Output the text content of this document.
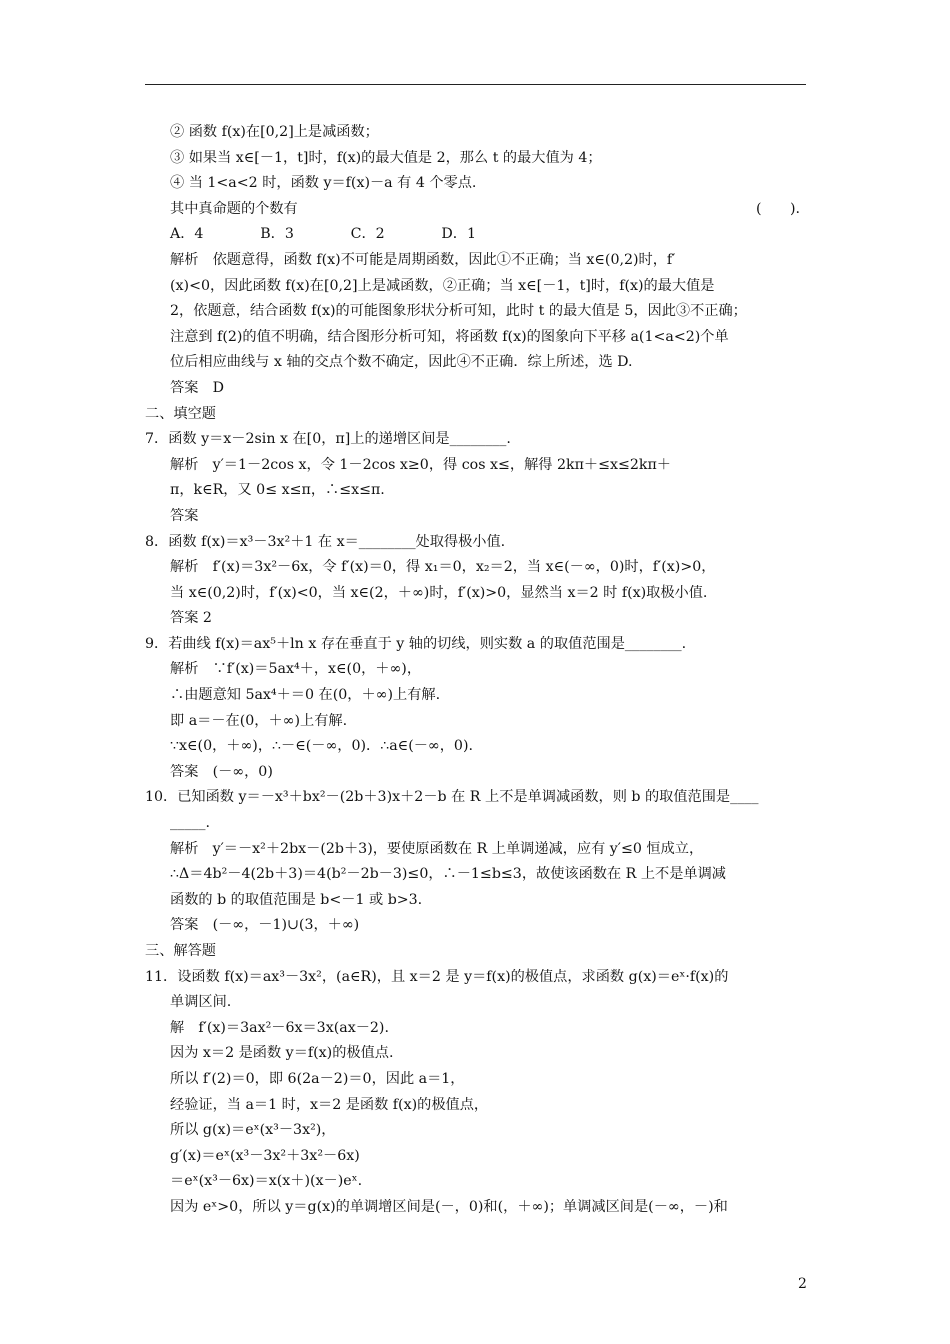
② 函数 f(x)在[0,2]上是减函数；
③ 如果当 x∈[－1，t]时，f(x)的最大值是 2，那么 t 的最大值为 4；
④ 当 1<a<2 时，函数 y＝f(x)－a 有 4 个零点.
其中真命题的个数有	(　　).
A．4　　　　B．3　　　　C．2　　　　D．1
解析　依题意得，函数 f(x)不可能是周期函数，因此①不正确；当 x∈(0,2)时，f′
(x)<0，因此函数 f(x)在[0,2]上是减函数，②正确；当 x∈[－1，t]时，f(x)的最大值是
2，依题意，结合函数 f(x)的可能图象形状分析可知，此时 t 的最大值是 5，因此③不正确；
注意到 f(2)的值不明确，结合图形分析可知，将函数 f(x)的图象向下平移 a(1<a<2)个单
位后相应曲线与 x 轴的交点个数不确定，因此④不正确．综上所述，选 D.
答案　D
二、填空题
7．函数 y＝x－2sin x 在[0，π]上的递增区间是________.
解析　y′＝1－2cos x，令 1－2cos x≥0，得 cos x≤，解得 2kπ＋≤x≤2kπ＋
π，k∈R，又 0≤ x≤π，∴≤x≤π.
答案
8．函数 f(x)＝x³－3x²＋1 在 x＝________处取得极小值.
解析　f′(x)＝3x²－6x，令 f′(x)＝0，得 x₁＝0，x₂＝2，当 x∈(－∞，0)时，f′(x)>0，
当 x∈(0,2)时，f′(x)<0，当 x∈(2，＋∞)时，f′(x)>0，显然当 x＝2 时 f(x)取极小值.
答案 2
9．若曲线 f(x)＝ax⁵＋ln x 存在垂直于 y 轴的切线，则实数 a 的取值范围是________.
解析　∵f′(x)＝5ax⁴＋，x∈(0，＋∞)，
∴由题意知 5ax⁴＋＝0 在(0，＋∞)上有解.
即 a＝－在(0，＋∞)上有解.
∵x∈(0，＋∞)，∴－∈(－∞，0)．∴a∈(－∞，0).
答案　(－∞，0)
10．已知函数 y＝－x³＋bx²－(2b＋3)x＋2－b 在 R 上不是单调减函数，则 b 的取值范围是____
_____.
解析　y′＝－x²＋2bx－(2b＋3)，要使原函数在 R 上单调递减，应有 y′≤0 恒成立，
∴Δ＝4b²－4(2b＋3)＝4(b²－2b－3)≤0，∴－1≤b≤3，故使该函数在 R 上不是单调减
函数的 b 的取值范围是 b<－1 或 b>3.
答案　(－∞，－1)∪(3，＋∞)
三、解答题
11．设函数 f(x)＝ax³－3x²，(a∈R)，且 x＝2 是 y＝f(x)的极值点，求函数 g(x)＝eˣ·f(x)的
单调区间.
解　f′(x)＝3ax²－6x＝3x(ax－2).
因为 x＝2 是函数 y＝f(x)的极值点.
所以 f′(2)＝0，即 6(2a－2)＝0，因此 a＝1，
经验证，当 a＝1 时，x＝2 是函数 f(x)的极值点，
所以 g(x)＝eˣ(x³－3x²)，
g′(x)＝eˣ(x³－3x²＋3x²－6x)
＝eˣ(x³－6x)＝x(x＋)(x－)eˣ.
因为 eˣ>0，所以 y＝g(x)的单调增区间是(－，0)和(，＋∞)；单调减区间是(－∞，－)和
2
